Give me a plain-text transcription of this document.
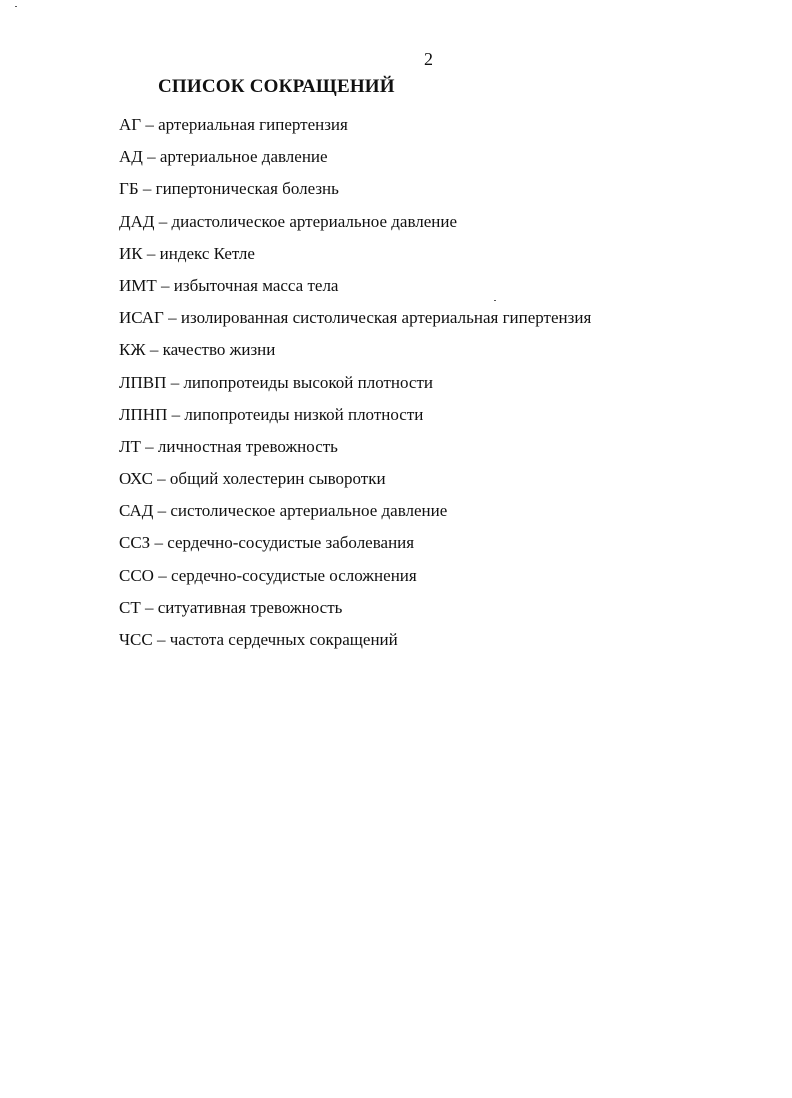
2
СПИСОК СОКРАЩЕНИЙ
АГ – артериальная гипертензия
АД – артериальное давление
ГБ – гипертоническая болезнь
ДАД – диастолическое артериальное давление
ИК – индекс Кетле
ИМТ – избыточная масса тела
ИСАГ – изолированная систолическая артериальная гипертензия
КЖ – качество жизни
ЛПВП – липопротеиды высокой плотности
ЛПНП – липопротеиды низкой плотности
ЛТ – личностная тревожность
ОХС – общий холестерин сыворотки
САД – систолическое артериальное давление
ССЗ – сердечно-сосудистые заболевания
ССО – сердечно-сосудистые осложнения
СТ – ситуативная тревожность
ЧСС – частота сердечных сокращений
